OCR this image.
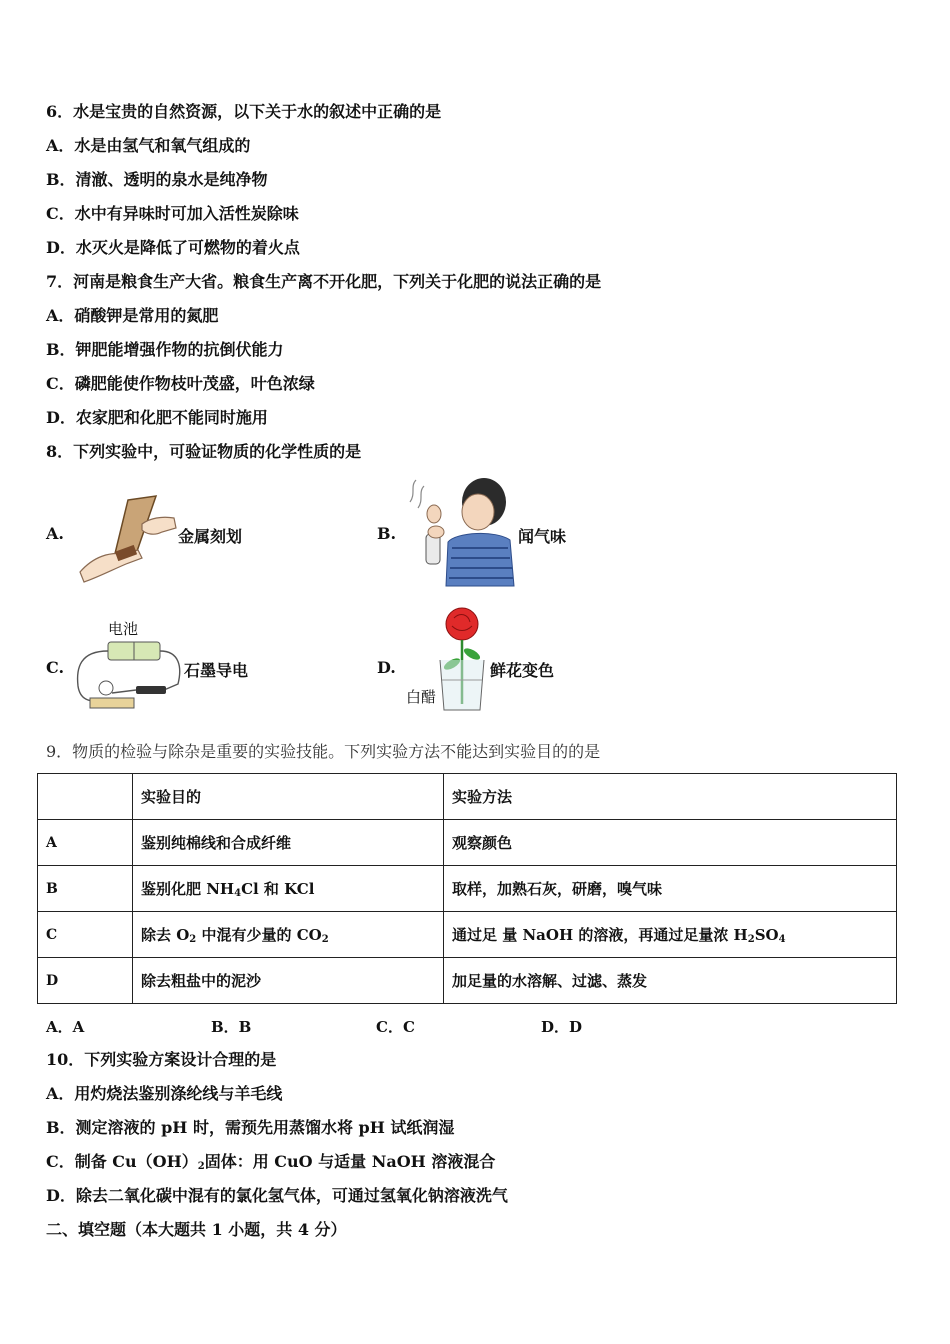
6．水是宝贵的自然资源，以下关于水的叙述中正确的是
A．水是由氢气和氧气组成的
B．清澈、透明的泉水是纯净物
C．水中有异味时可加入活性炭除味
D．水灭火是降低了可燃物的着火点
7．河南是粮食生产大省。粮食生产离不开化肥，下列关于化肥的说法正确的是
A．硝酸钾是常用的氮肥
B．钾肥能增强作物的抗倒伏能力
C．磷肥能使作物枝叶茂盛，叶色浓绿
D．农家肥和化肥不能同时施用
8．下列实验中，可验证物质的化学性质的是
A.	金属刻划	B.	闻气味
C.
电池
石墨导电	D.
白醋
鲜花变色
9．物质的检验与除杂是重要的实验技能。下列实验方法不能达到实验目的的是
	实验目的	实验方法
A	鉴别纯棉线和合成纤维	观察颜色
B	鉴别化肥 $NH_4Cl$ 和 KCl	取样，加熟石灰，研磨，嗅气味
C	除去 $O_2$ 中混有少量的 $CO_2$	通过足 量 NaOH 的溶液，再通过足量浓 $H_2SO_4$
D	除去粗盐中的泥沙	加足量的水溶解、过滤、蒸发
A．A	B．B	C．C	D．D
10．下列实验方案设计合理的是
A．用灼烧法鉴别涤纶线与羊毛线
B．测定溶液的 pH 时，需预先用蒸馏水将 pH 试纸润湿
C．制备 $Cu(OH)_2$固体：用 CuO 与适量 NaOH 溶液混合
D．除去二氧化碳中混有的氯化氢气体，可通过氢氧化钠溶液洗气
二、填空题（本大题共 1 小题，共 4 分）
